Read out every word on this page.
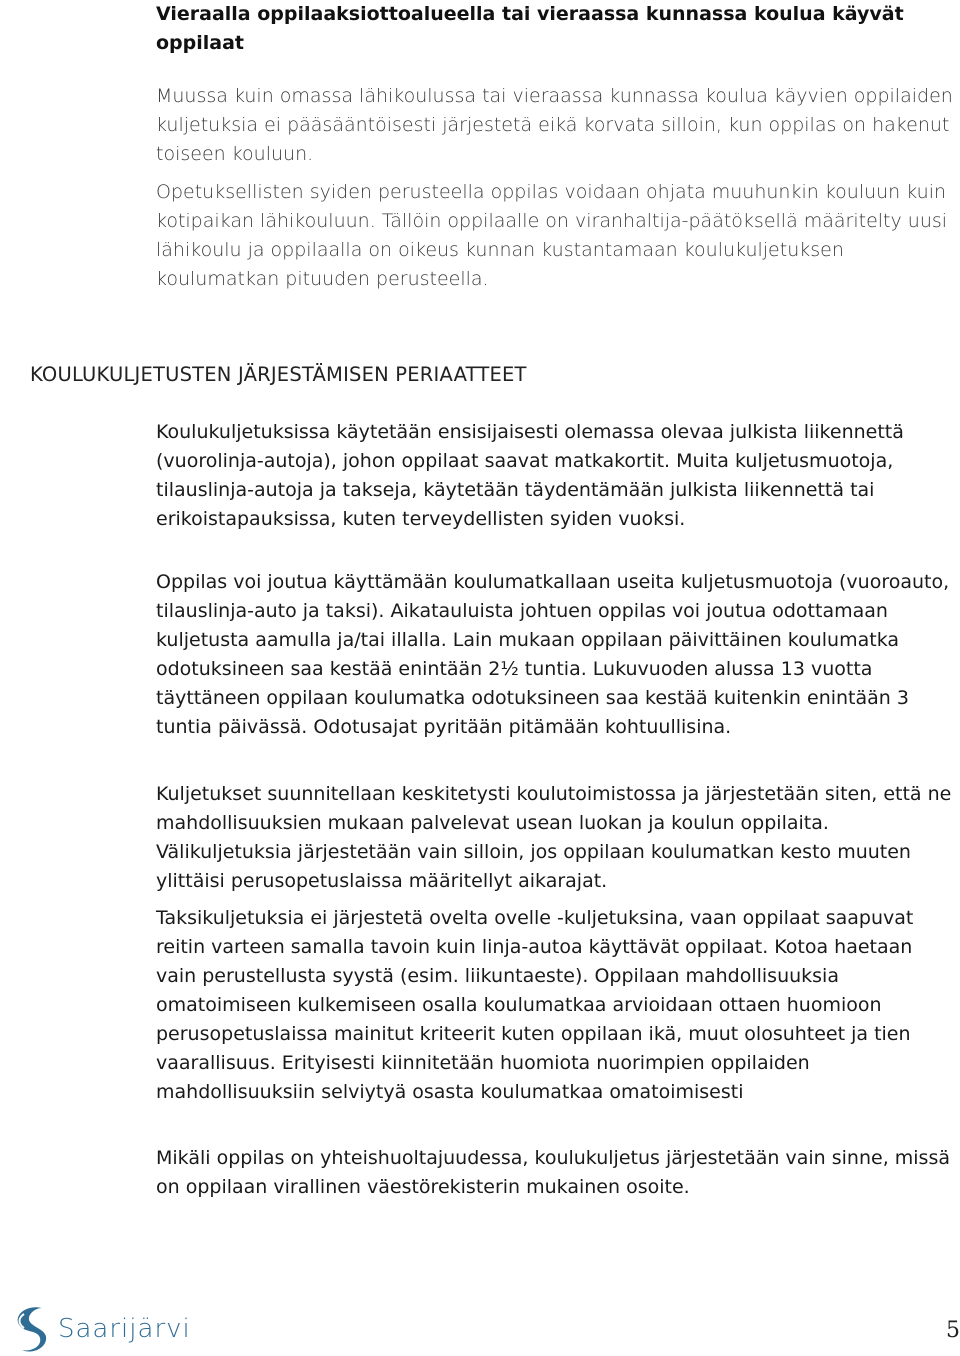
Vieraalla oppilaaksiottoalueella tai vieraassa kunnassa koulua käyvät oppilaat

Muussa kuin omassa lähikoulussa tai vieraassa kunnassa koulua käyvien oppilaiden kuljetuksia ei pääsääntöisesti järjestetä eikä korvata silloin, kun oppilas on hakenut toiseen kouluun.

Opetuksellisten syiden perusteella oppilas voidaan ohjata muuhunkin kouluun kuin kotipaikan lähikouluun. Tällöin oppilaalle on viranhaltija-päätöksellä määritelty uusi lähikoulu ja oppilaalla on oikeus kunnan kustantamaan koulukuljetuksen koulumatkan pituuden perusteella.

KOULUKULJETUSTEN JÄRJESTÄMISEN PERIAATTEET

Koulukuljetuksissa käytetään ensisijaisesti olemassa olevaa julkista liikennettä (vuorolinja-autoja), johon oppilaat saavat matkakortit. Muita kuljetusmuotoja, tilauslinja-autoja ja takseja, käytetään täydentämään julkista liikennettä tai erikoistapauksissa, kuten terveydellisten syiden vuoksi.

Oppilas voi joutua käyttämään koulumatkallaan useita kuljetusmuotoja (vuoroauto, tilauslinja-auto ja taksi). Aikatauluista johtuen oppilas voi joutua odottamaan kuljetusta aamulla ja/tai illalla. Lain mukaan oppilaan päivittäinen koulumatka odotuksineen saa kestää enintään 2½ tuntia. Lukuvuoden alussa 13 vuotta täyttäneen oppilaan koulumatka odotuksineen saa kestää kuitenkin enintään 3 tuntia päivässä. Odotusajat pyritään pitämään kohtuullisina.

Kuljetukset suunnitellaan keskitetysti koulutoimistossa ja järjestetään siten, että ne mahdollisuuksien mukaan palvelevat usean luokan ja koulun oppilaita. Välikuljetuksia järjestetään vain silloin, jos oppilaan koulumatkan kesto muuten ylittäisi perusopetuslaissa määritellyt aikarajat.

Taksikuljetuksia ei järjestetä ovelta ovelle -kuljetuksina, vaan oppilaat saapuvat reitin varteen samalla tavoin kuin linja-autoa käyttävät oppilaat. Kotoa haetaan vain perustellusta syystä (esim. liikuntaeste). Oppilaan mahdollisuuksia omatoimiseen kulkemiseen osalla koulumatkaa arvioidaan ottaen huomioon perusopetuslaissa mainitut kriteerit kuten oppilaan ikä, muut olosuhteet ja tien vaarallisuus. Erityisesti kiinnitetään huomiota nuorimpien oppilaiden mahdollisuuksiin selviytyä osasta koulumatkaa omatoimisesti

Mikäli oppilas on yhteishuoltajuudessa, koulukuljetus järjestetään vain sinne, missä on oppilaan virallinen väestörekisterin mukainen osoite.

Saarijärvi	5
